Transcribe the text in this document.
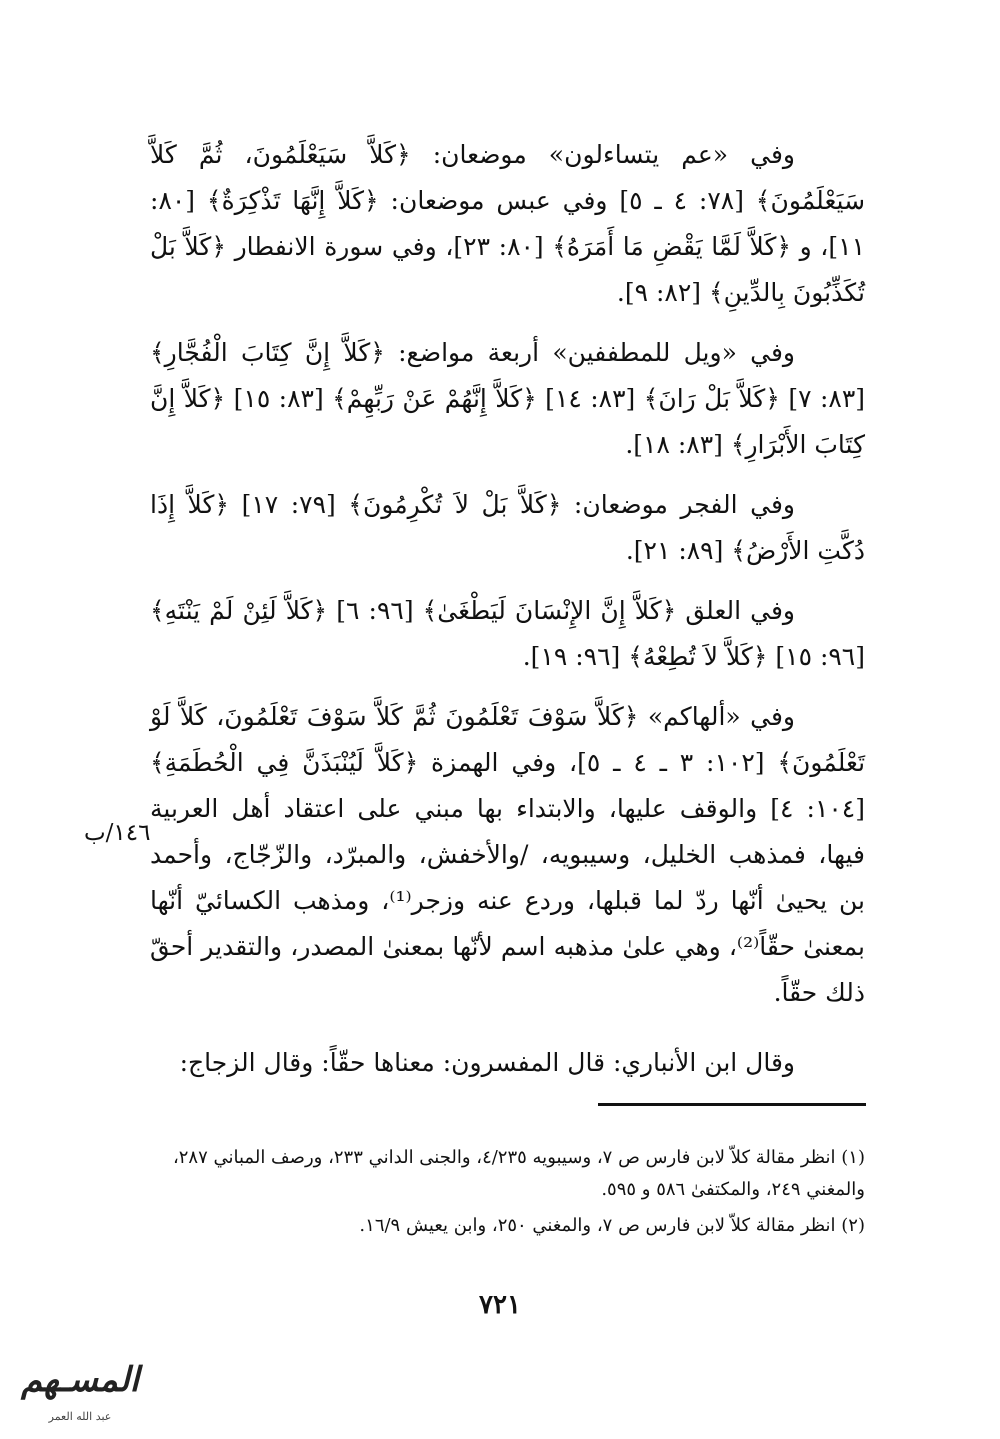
وفي «عم يتساءلون» موضعان: ﴿كَلاَّ سَيَعْلَمُونَ، ثُمَّ كَلاَّ سَيَعْلَمُونَ﴾ [٧٨: ٤ ـ ٥] وفي عبس موضعان: ﴿كَلاَّ إِنَّهَا تَذْكِرَةٌ﴾ [٨٠: ١١]، و ﴿كَلاَّ لَمَّا يَقْضِ مَا أَمَرَهُ﴾ [٨٠: ٢٣]، وفي سورة الانفطار ﴿كَلاَّ بَلْ تُكَذِّبُونَ بِالدِّينِ﴾ [٨٢: ٩].

وفي «ويل للمطففين» أربعة مواضع: ﴿كَلاَّ إِنَّ كِتَابَ الْفُجَّارِ﴾ [٨٣: ٧] ﴿كَلاَّ بَلْ رَانَ﴾ [٨٣: ١٤] ﴿كَلاَّ إِنَّهُمْ عَنْ رَبِّهِمْ﴾ [٨٣: ١٥] ﴿كَلاَّ إِنَّ كِتَابَ الأَبْرَارِ﴾ [٨٣: ١٨].

وفي الفجر موضعان: ﴿كَلاَّ بَلْ لاَ تُكْرِمُونَ﴾ [٧٩: ١٧] ﴿كَلاَّ إِذَا دُكَّتِ الأَرْضُ﴾ [٨٩: ٢١].

وفي العلق ﴿كَلاَّ إِنَّ الإِنْسَانَ لَيَطْغَىٰ﴾ [٩٦: ٦] ﴿كَلاَّ لَئِنْ لَمْ يَنْتَهِ﴾ [٩٦: ١٥] ﴿كَلاَّ لاَ تُطِعْهُ﴾ [٩٦: ١٩].

وفي «ألهاكم» ﴿كَلاَّ سَوْفَ تَعْلَمُونَ ثُمَّ كَلاَّ سَوْفَ تَعْلَمُونَ، كَلاَّ لَوْ تَعْلَمُونَ﴾ [١٠٢: ٣ ـ ٤ ـ ٥]، وفي الهمزة ﴿كَلاَّ لَيُنْبَذَنَّ فِي الْحُطَمَةِ﴾ [١٠٤: ٤] والوقف عليها، والابتداء بها مبني على اعتقاد أهل العربية فيها، فمذهب الخليل، وسيبويه، /والأخفش، والمبرّد، والزّجّاج، وأحمد بن يحيىٰ أنّها ردّ لما قبلها، وردع عنه وزجر⁽¹⁾، ومذهب الكسائيّ أنّها بمعنىٰ حقّاً⁽²⁾، وهي علىٰ مذهبه اسم لأنّها بمعنىٰ المصدر، والتقدير أحقّ ذلك حقّاً.

وقال ابن الأنباري: قال المفسرون: معناها حقّاً: وقال الزجاج:

١٤٦/ب

(١) انظر مقالة كلاّ لابن فارس ص ٧، وسيبويه ٤/٢٣٥، والجنى الداني ٢٣٣، ورصف المباني ٢٨٧، والمغني ٢٤٩، والمكتفىٰ ٥٨٦ و ٥٩٥.

(٢) انظر مقالة كلاّ لابن فارس ص ٧، والمغني ٢٥٠، وابن يعيش ١٦/٩.

٧٢١
المسـهم
عبد الله العمر
